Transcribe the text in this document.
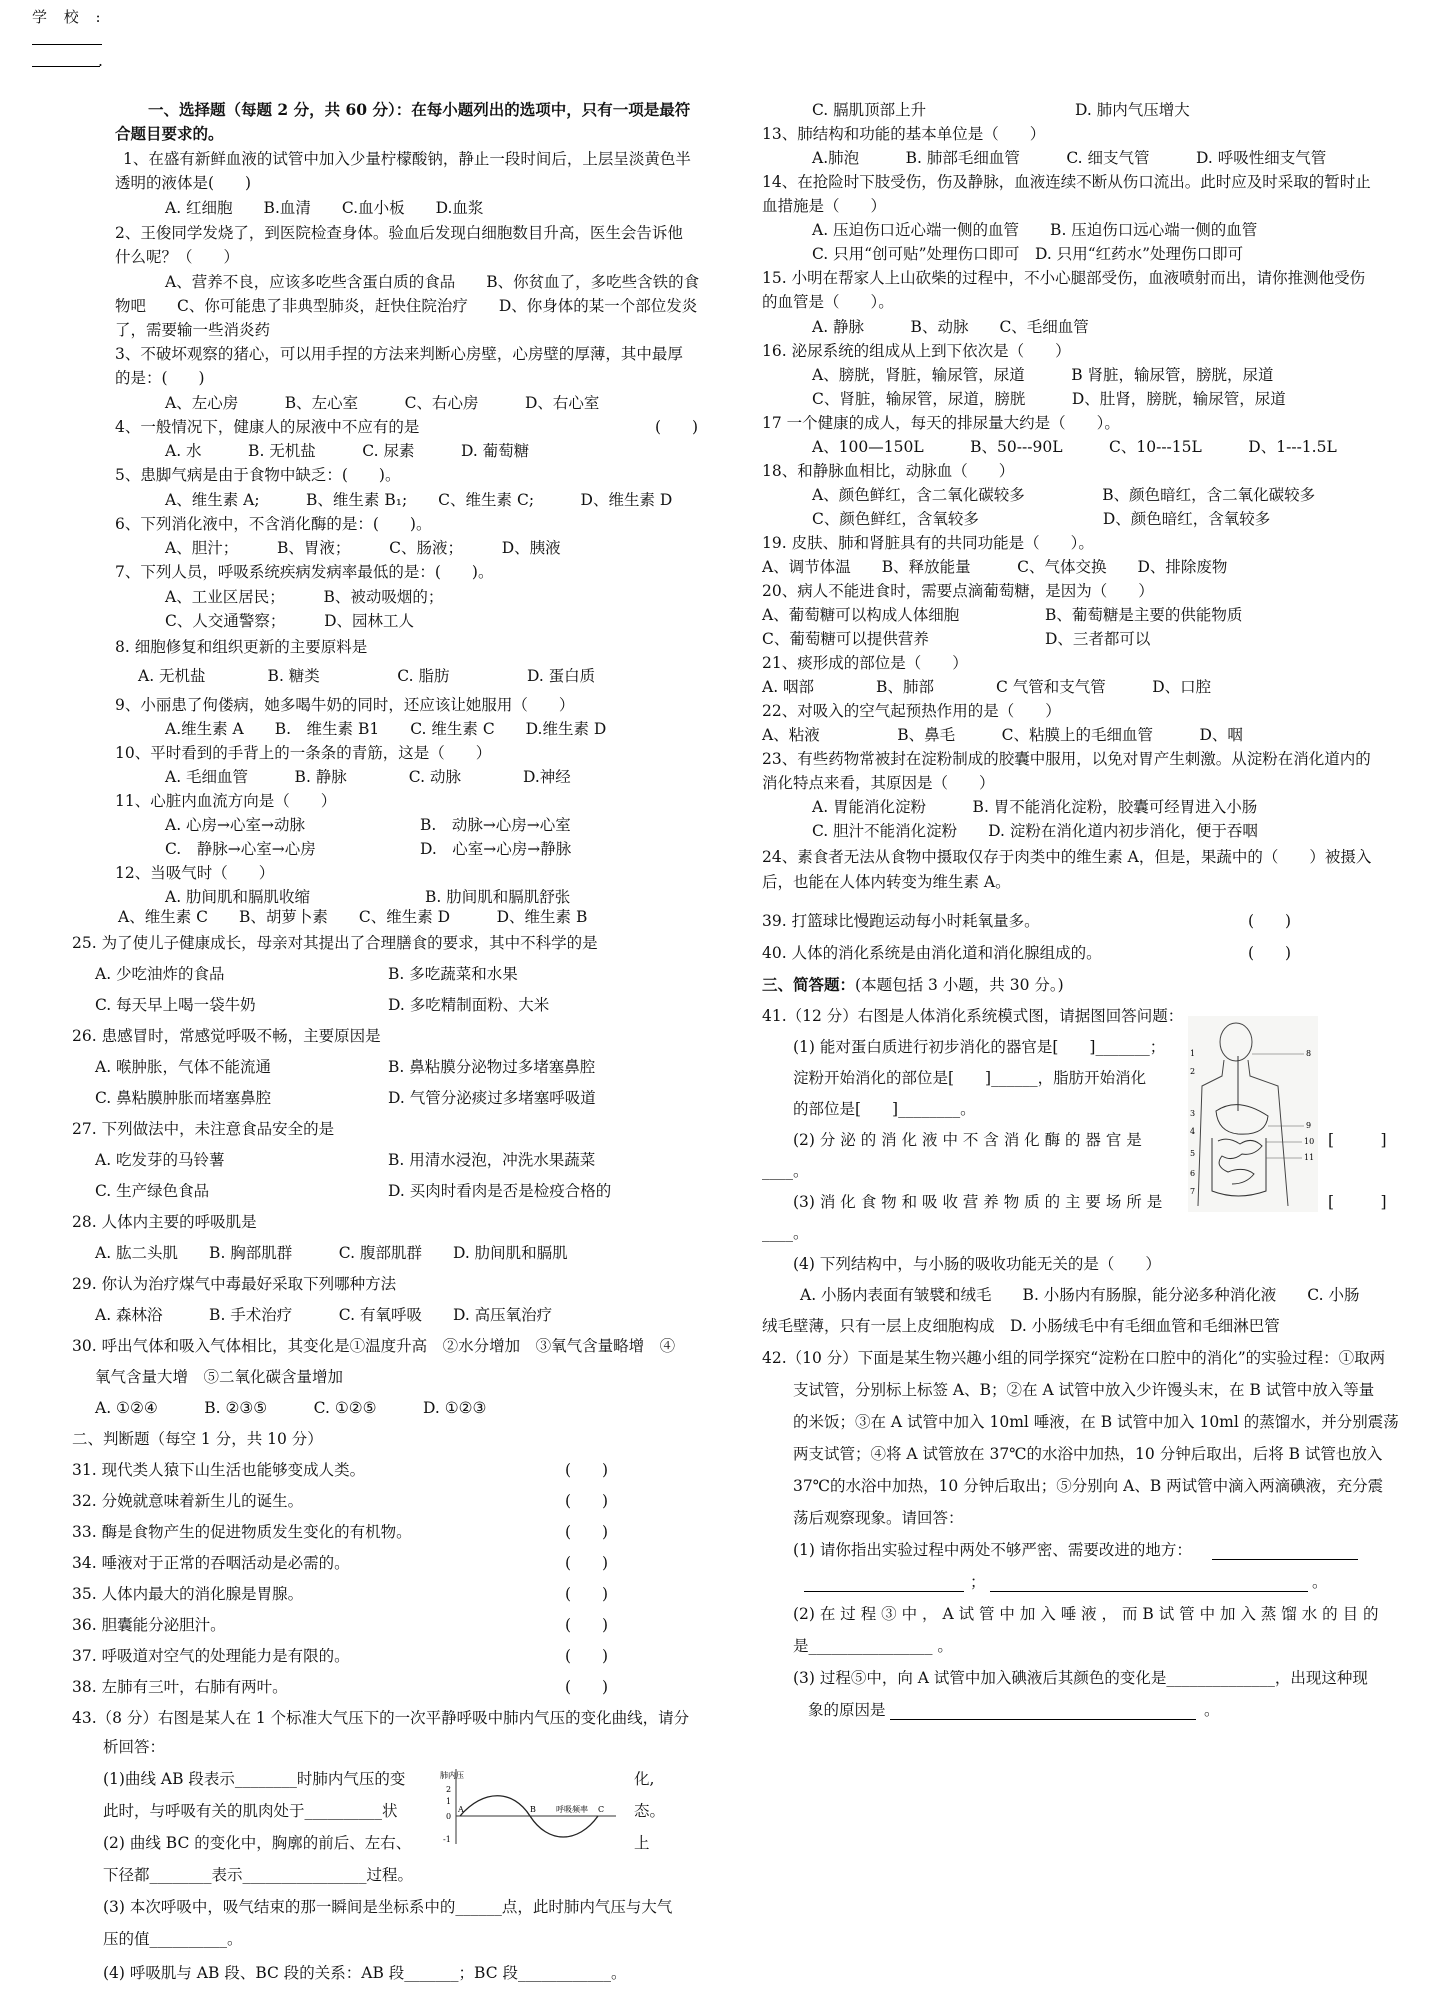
学 校 :
.
一、选择题（每题 2 分，共 60 分）：在每小题列出的选项中，只有一项是最符
合题目要求的。
1、在盛有新鲜血液的试管中加入少量柠檬酸钠，静止一段时间后，上层呈淡黄色半
透明的液体是(　　)
A. 红细胞　　B.血清　　C.血小板　　D.血浆
2、王俊同学发烧了，到医院检查身体。验血后发现白细胞数目升高，医生会告诉他
什么呢？（　　）
A、营养不良，应该多吃些含蛋白质的食品　　B、你贫血了，多吃些含铁的食
物吧　　C、你可能患了非典型肺炎，赶快住院治疗　　D、你身体的某一个部位发炎
了，需要输一些消炎药
3、不破坏观察的猪心，可以用手捏的方法来判断心房壁，心房壁的厚薄，其中最厚
的是：(　　)
A、左心房　　　B、左心室　　　C、右心房　　　D、右心室
4、一般情况下，健康人的尿液中不应有的是	(　　)
A. 水　　　B. 无机盐　　　C. 尿素　　　D. 葡萄糖
5、患脚气病是由于食物中缺乏：(　　)。
A、维生素 A;　　　B、维生素 B₁;　　C、维生素 C;　　　D、维生素 D
6、下列消化液中，不含消化酶的是：(　　)。
A、胆汁；　　　B、胃液；　　　C、肠液；　　　D、胰液
7、下列人员，呼吸系统疾病发病率最低的是：(　　)。
A、工业区居民；　　　B、被动吸烟的；
C、人交通警察；　　　D、园林工人
8. 细胞修复和组织更新的主要原料是
A. 无机盐　　　　B. 糖类　　　　　C. 脂肪　　　　　D. 蛋白质
9、小丽患了佝偻病，她多喝牛奶的同时，还应该让她服用（　　）
A.维生素 A　　B.　维生素 B1　　C. 维生素 C　　D.维生素 D
10、平时看到的手背上的一条条的青筋，这是（　　）
A. 毛细血管　　　B. 静脉　　　　C. 动脉　　　　D.神经
11、心脏内血流方向是（　　）
A. 心房→心室→动脉	B.　动脉→心房→心室
C.　静脉→心室→心房	D.　心室→心房→静脉
12、当吸气时（　　）
A. 肋间肌和膈肌收缩	B. 肋间肌和膈肌舒张
A、维生素 C　　B、胡萝卜素　　C、维生素 D　　　D、维生素 B
25. 为了使儿子健康成长，母亲对其提出了合理膳食的要求，其中不科学的是
A. 少吃油炸的食品	B. 多吃蔬菜和水果
C. 每天早上喝一袋牛奶	D. 多吃精制面粉、大米
26. 患感冒时，常感觉呼吸不畅，主要原因是
A. 喉肿胀，气体不能流通	B. 鼻粘膜分泌物过多堵塞鼻腔
C. 鼻粘膜肿胀而堵塞鼻腔	D. 气管分泌痰过多堵塞呼吸道
27. 下列做法中，未注意食品安全的是
A. 吃发芽的马铃薯	B. 用清水浸泡，冲洗水果蔬菜
C. 生产绿色食品	D. 买肉时看肉是否是检疫合格的
28. 人体内主要的呼吸肌是
A. 肱二头肌　　B. 胸部肌群　　　C. 腹部肌群　　D. 肋间肌和膈肌
29. 你认为治疗煤气中毒最好采取下列哪种方法
A. 森林浴　　　B. 手术治疗　　　C. 有氧呼吸　　D. 高压氧治疗
30. 呼出气体和吸入气体相比，其变化是①温度升高　②水分增加　③氧气含量略增　④
氧气含量大增　⑤二氧化碳含量增加
A. ①②④　　　B. ②③⑤　　　C. ①②⑤　　　D. ①②③
二、判断题（每空 1 分，共 10 分）
31. 现代类人猿下山生活也能够变成人类。	(　　)
32. 分娩就意味着新生儿的诞生。	(　　)
33. 酶是食物产生的促进物质发生变化的有机物。	(　　)
34. 唾液对于正常的吞咽活动是必需的。	(　　)
35. 人体内最大的消化腺是胃腺。	(　　)
36. 胆囊能分泌胆汁。	(　　)
37. 呼吸道对空气的处理能力是有限的。	(　　)
38. 左肺有三叶，右肺有两叶。	(　　)
43.（8 分）右图是某人在 1 个标准大气压下的一次平静呼吸中肺内气压的变化曲线，请分
析回答：
(1)曲线 AB 段表示________时肺内气压的变	化,
此时，与呼吸有关的肌肉处于__________状	态。
(2) 曲线 BC 的变化中，胸廓的前后、左右、	上
下径都________表示________________过程。
(3) 本次呼吸中，吸气结束的那一瞬间是坐标系中的______点，此时肺内气压与大气
压的值__________。
(4) 呼吸肌与 AB 段、BC 段的关系：AB 段_______；BC 段____________。
肺内压
2
1
0
-1
A	B	C
呼吸频率
C. 膈肌顶部上升	D. 肺内气压增大
13、肺结构和功能的基本单位是（　　）
A.肺泡　　　B. 肺部毛细血管　　　C. 细支气管　　　D. 呼吸性细支气管
14、在抢险时下肢受伤，伤及静脉，血液连续不断从伤口流出。此时应及时采取的暂时止
血措施是（　　）
A. 压迫伤口近心端一侧的血管　　B. 压迫伤口远心端一侧的血管
C. 只用“创可贴”处理伤口即可　D. 只用“红药水”处理伤口即可
15. 小明在帮家人上山砍柴的过程中，不小心腿部受伤，血液喷射而出，请你推测他受伤
的血管是（　　）。
A. 静脉　　　B、动脉　　C、毛细血管
16. 泌尿系统的组成从上到下依次是（　　）
A、膀胱，肾脏，输尿管，尿道　　　B 肾脏，输尿管，膀胱，尿道
C、肾脏，输尿管，尿道，膀胱　　　D、肚肾，膀胱，输尿管，尿道
17 一个健康的成人，每天的排尿量大约是（　　）。
A、100—150L　　　B、50---90L　　　C、10---15L　　　D、1---1.5L
18、和静脉血相比，动脉血（　　）
A、颜色鲜红，含二氧化碳较多　　　　　B、颜色暗红，含二氧化碳较多
C、颜色鲜红，含氧较多　　　　　　　　D、颜色暗红，含氧较多
19. 皮肤、肺和肾脏具有的共同功能是（　　）。
A、调节体温　　B、释放能量　　　C、气体交换　　D、排除废物
20、病人不能进食时，需要点滴葡萄糖，是因为（　　）
A、葡萄糖可以构成人体细胞	B、葡萄糖是主要的供能物质
C、葡萄糖可以提供营养	D、三者都可以
21、痰形成的部位是（　　）
A. 咽部　　　　B、肺部　　　　C 气管和支气管　　　D、口腔
22、对吸入的空气起预热作用的是（　　）
A、粘液　　　　　B、鼻毛　　　C、粘膜上的毛细血管　　　D、咽
23、有些药物常被封在淀粉制成的胶囊中服用，以免对胃产生刺激。从淀粉在消化道内的
消化特点来看，其原因是（　　）
A. 胃能消化淀粉　　　B. 胃不能消化淀粉，胶囊可经胃进入小肠
C. 胆汁不能消化淀粉　　D. 淀粉在消化道内初步消化，便于吞咽
24、素食者无法从食物中摄取仅存于肉类中的维生素 A，但是，果蔬中的（　　）被摄入
后，也能在人体内转变为维生素 A。
39. 打篮球比慢跑运动每小时耗氧量多。	(　　)
40. 人体的消化系统是由消化道和消化腺组成的。	(　　)
三、简答题：(本题包括 3 小题，共 30 分。)
41.（12 分）右图是人体消化系统模式图，请据图回答问题：
(1) 能对蛋白质进行初步消化的器官是[　　]_______；
淀粉开始消化的部位是[　　]______，脂肪开始消化
的部位是[　　]________。
(2) 分 泌 的 消 化 液 中 不 含 消 化 酶 的 器 官 是	[　　　]
____。
(3) 消 化 食 物 和 吸 收 营 养 物 质 的 主 要 场 所 是	[　　　]
____。
(4) 下列结构中，与小肠的吸收功能无关的是（　　）
A. 小肠内表面有皱襞和绒毛　　B. 小肠内有肠腺，能分泌多种消化液　　C. 小肠
绒毛壁薄，只有一层上皮细胞构成　D. 小肠绒毛中有毛细血管和毛细淋巴管
8
9
10
11
1
2
3
4
5
6
7
42.（10 分）下面是某生物兴趣小组的同学探究“淀粉在口腔中的消化”的实验过程：①取两
支试管，分别标上标签 A、B；②在 A 试管中放入少许馒头末，在 B 试管中放入等量
的米饭；③在 A 试管中加入 10ml 唾液，在 B 试管中加入 10ml 的蒸馏水，并分别震荡
两支试管；④将 A 试管放在 37℃的水浴中加热，10 分钟后取出，后将 B 试管也放入
37℃的水浴中加热，10 分钟后取出；⑤分别向 A、B 两试管中滴入两滴碘液，充分震
荡后观察现象。请回答：
(1) 请你指出实验过程中两处不够严密、需要改进的地方：
；	。
(2) 在 过 程 ③ 中 ， A 试 管 中 加 入 唾 液 ， 而 B 试 管 中 加 入 蒸 馏 水 的 目 的
是________________ 。
(3) 过程⑤中，向 A 试管中加入碘液后其颜色的变化是______________，出现这种现
象的原因是	。
